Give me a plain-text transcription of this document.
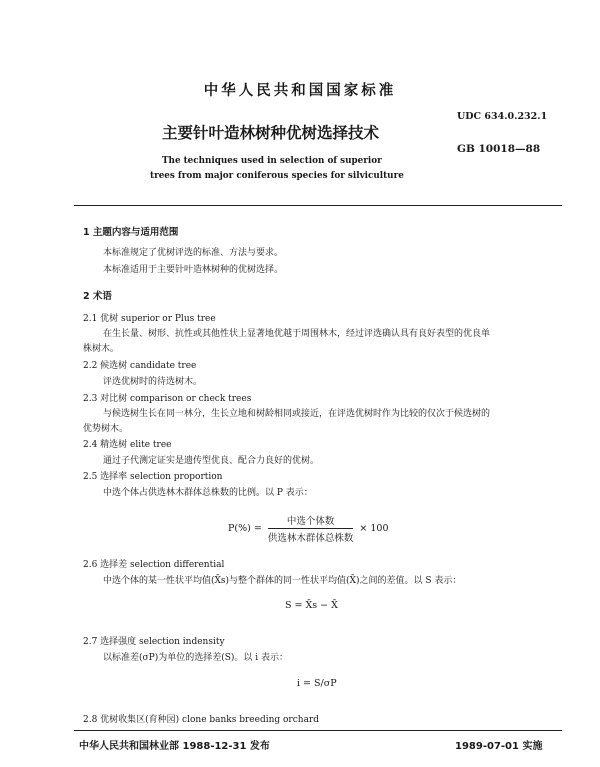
中华人民共和国国家标准
UDC 634.0.232.1
主要针叶造林树种优树选择技术
GB 10018—88
The techniques used in selection of superior
trees from major coniferous species for silviculture
1 主题内容与适用范围
本标准规定了优树评选的标准、方法与要求。
本标准适用于主要针叶造林树种的优树选择。
2 术语
2.1 优树 superior or Plus tree
在生长量、树形、抗性或其他性状上显著地优越于周围林木，经过评选确认具有良好表型的优良单
株树木。
2.2 候选树 candidate tree
评选优树时的待选树木。
2.3 对比树 comparison or check trees
与候选树生长在同一林分，生长立地和树龄相同或接近，在评选优树时作为比较的仅次于候选树的
优势树木。
2.4 精选树 elite tree
通过子代测定证实是遗传型优良、配合力良好的优树。
2.5 选择率 selection proportion
中选个体占供选林木群体总株数的比例。以 P 表示：
$P(\%) = \frac{\text{中选个体数}}{\text{供选林木群体总株数}} \times 100$
2.6 选择差 selection differential
中选个体的某一性状平均值(X̄s)与整个群体的同一性状平均值(X̄)之间的差值。以 S 表示：
S = X̄s − X̄
2.7 选择强度 selection indensity
以标准差(σP)为单位的选择差(S)。以 i 表示：
i = S/σP
2.8 优树收集区(育种园) clone banks breeding orchard
中华人民共和国林业部 1988-12-31 发布	1989-07-01 实施
